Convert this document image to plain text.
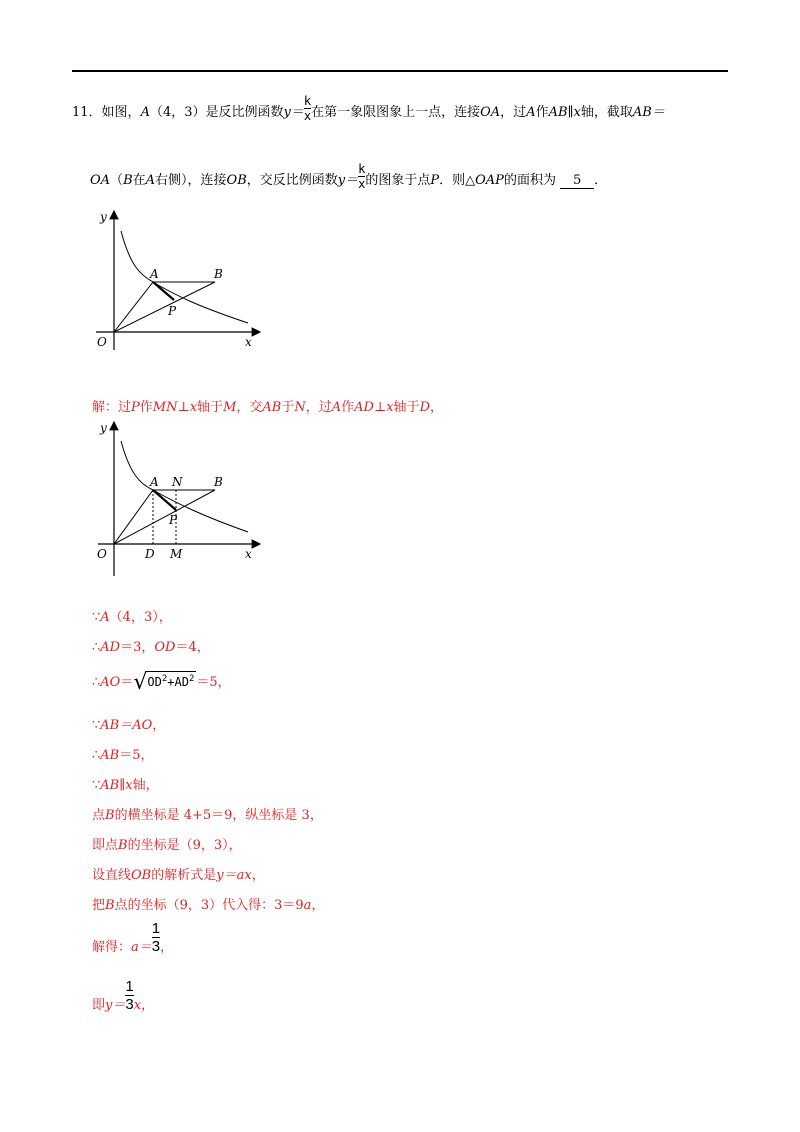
11．如图，A（4，3）是反比例函数$y= \frac{k}{x}$ 在第一象限图象上一点，连接OA，过A作AB∥x轴，截取AB＝
OA（B在A右侧），连接OB，交反比例函数$y= \frac{k}{x}$ 的图象于点P．则△OAP的面积为 5 ．
y
x
O
A	B
P
解：过P作MN⊥x轴于M，交AB于N，过A作AD⊥x轴于D，
y
x
O
A N	B
P
D M
∵A（4，3），
∴AD＝3，OD＝4，
$\therefore AO=√OD^2+AD^2 =5$，
∵AB＝AO，
∴AB＝5，
∵AB∥x轴，
点B的横坐标是 4+5＝9，纵坐标是 3，
即点B的坐标是（9，3），
设直线OB的解析式是y＝ax，
把B点的坐标（9，3）代入得：3＝9a，
解得：$a= \frac{1}{3}$ ，
即$y= \frac{1}{3}$ x，
